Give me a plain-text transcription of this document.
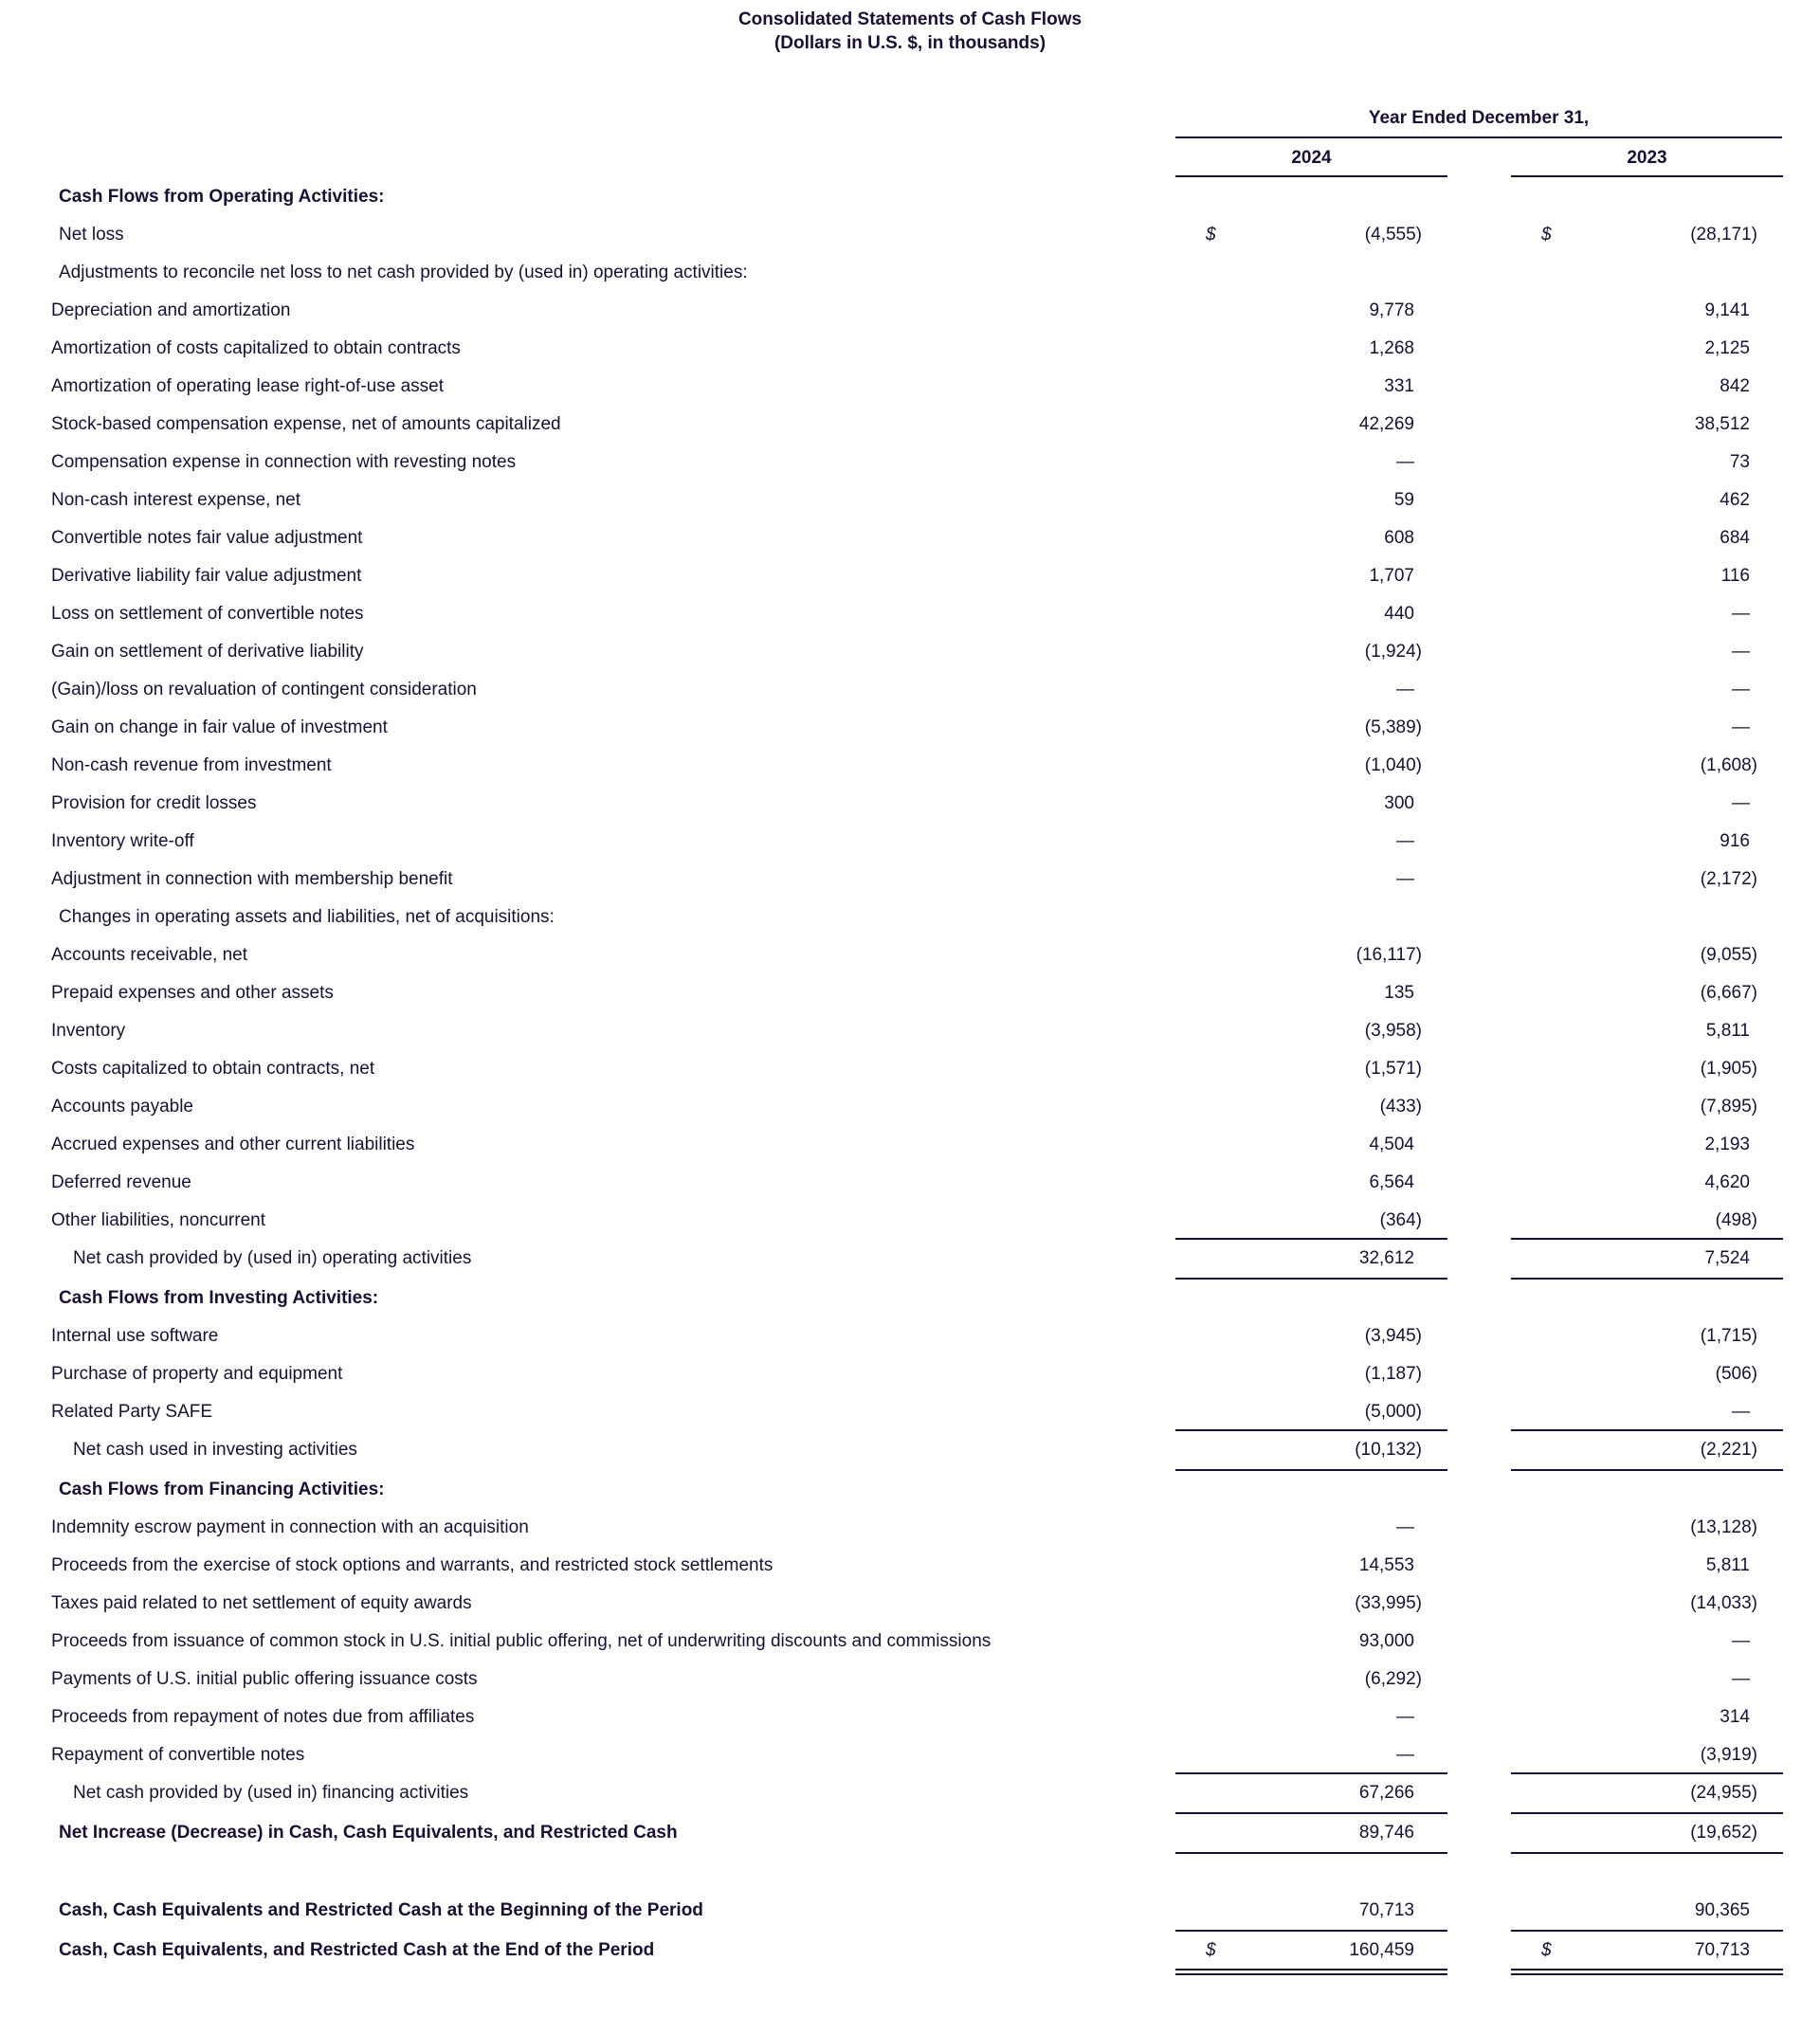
Consolidated Statements of Cash Flows
(Dollars in U.S. $, in thousands)
Year Ended December 31,
2024	2023
Cash Flows from Operating Activities:
Net loss	$	(4,555)	$	(28,171)
Adjustments to reconcile net loss to net cash provided by (used in) operating activities:
Depreciation and amortization	9,778	9,141
Amortization of costs capitalized to obtain contracts	1,268	2,125
Amortization of operating lease right-of-use asset	331	842
Stock-based compensation expense, net of amounts capitalized	42,269	38,512
Compensation expense in connection with revesting notes	—	73
Non-cash interest expense, net	59	462
Convertible notes fair value adjustment	608	684
Derivative liability fair value adjustment	1,707	116
Loss on settlement of convertible notes	440	—
Gain on settlement of derivative liability	(1,924)	—
(Gain)/loss on revaluation of contingent consideration	—	—
Gain on change in fair value of investment	(5,389)	—
Non-cash revenue from investment	(1,040)	(1,608)
Provision for credit losses	300	—
Inventory write-off	—	916
Adjustment in connection with membership benefit	—	(2,172)
Changes in operating assets and liabilities, net of acquisitions:
Accounts receivable, net	(16,117)	(9,055)
Prepaid expenses and other assets	135	(6,667)
Inventory	(3,958)	5,811
Costs capitalized to obtain contracts, net	(1,571)	(1,905)
Accounts payable	(433)	(7,895)
Accrued expenses and other current liabilities	4,504	2,193
Deferred revenue	6,564	4,620
Other liabilities, noncurrent	(364)	(498)
Net cash provided by (used in) operating activities	32,612	7,524
Cash Flows from Investing Activities:
Internal use software	(3,945)	(1,715)
Purchase of property and equipment	(1,187)	(506)
Related Party SAFE	(5,000)	—
Net cash used in investing activities	(10,132)	(2,221)
Cash Flows from Financing Activities:
Indemnity escrow payment in connection with an acquisition	—	(13,128)
Proceeds from the exercise of stock options and warrants, and restricted stock settlements	14,553	5,811
Taxes paid related to net settlement of equity awards	(33,995)	(14,033)
Proceeds from issuance of common stock in U.S. initial public offering, net of underwriting discounts and commissions	93,000	—
Payments of U.S. initial public offering issuance costs	(6,292)	—
Proceeds from repayment of notes due from affiliates	—	314
Repayment of convertible notes	—	(3,919)
Net cash provided by (used in) financing activities	67,266	(24,955)
Net Increase (Decrease) in Cash, Cash Equivalents, and Restricted Cash	89,746	(19,652)
Cash, Cash Equivalents and Restricted Cash at the Beginning of the Period	70,713	90,365
Cash, Cash Equivalents, and Restricted Cash at the End of the Period	$	160,459	$	70,713
